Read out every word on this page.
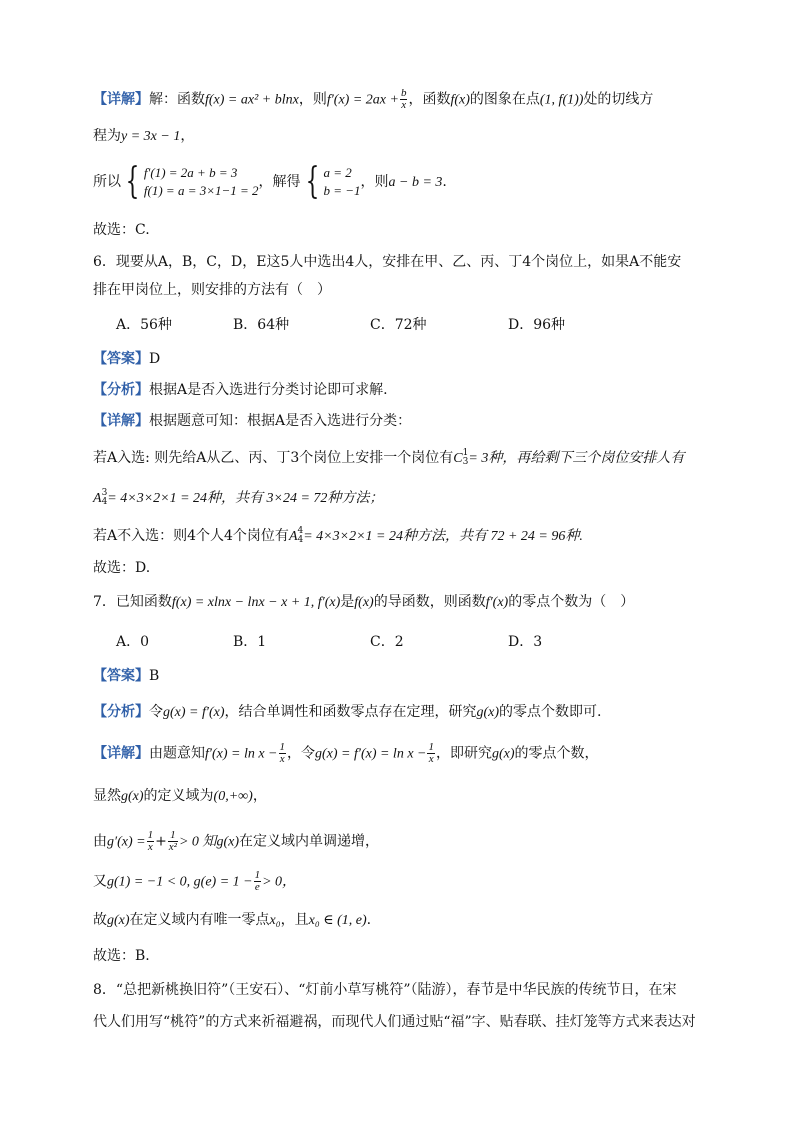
【详解】解：函数f(x) = ax² + blnx，则$f'(x) = 2ax + \frac{b}{x}$ ，函数f(x)的图象在点(1, f(1))处的切线方
程为y = 3x − 1，
所以 { f′(1) = 2a + b = 3
f(1) = a = 3×1−1 = 2
，解得 { a = 2
b = −1
，则a − b = 3.
故选：C.
6．现要从A，B，C，D，E这5人中选出4人，安排在甲、乙、丙、丁4个岗位上，如果A不能安
排在甲岗位上，则安排的方法有（　）
A．56种	B．64种	C．72种	D．96种
【答案】D
【分析】根据A是否入选进行分类讨论即可求解.
【详解】根据题意可知：根据A是否入选进行分类：
若A入选: 则先给A从乙、丙、丁3个岗位上安排一个岗位有C 1
3 = 3种，再给剩下三个岗位安排人有
A 3
4 = 4×3×2×1 = 24种，共有 3×24 = 72种方法；
若A不入选：则4个人4个岗位有A 4
4 = 4×3×2×1 = 24种方法，共有 72 + 24 = 96种.
故选：D.
7．已知函数f(x) = xlnx − lnx − x + 1, f′(x)是f(x)的导函数，则函数f′(x)的零点个数为（　）
A．0	B．1	C．2	D．3
【答案】B
【分析】令g(x) = f′(x)，结合单调性和函数零点存在定理，研究g(x)的零点个数即可.
【详解】由题意知$f'(x) = \ln x - \frac{1}{x}$ ，令$g(x) = f'(x) = \ln x - \frac{1}{x}$ ，即研究g(x)的零点个数，
显然g(x)的定义域为(0,+∞)，
由$g'(x) = \frac{1}{x} + \frac{1}{\text{x²}} > 0$ 知g(x)在定义域内单调递增，
又g(1) = −1 < 0, $g(e) = 1 - \frac{1}{e} > 0$，
故g(x)在定义域内有唯一零点x₀，且x₀ ∈ (1, e).
故选：B.
8．“总把新桃换旧符”（王安石）、“灯前小草写桃符”（陆游），春节是中华民族的传统节日，在宋
代人们用写“桃符”的方式来祈福避祸，而现代人们通过贴“福”字、贴春联、挂灯笼等方式来表达对
